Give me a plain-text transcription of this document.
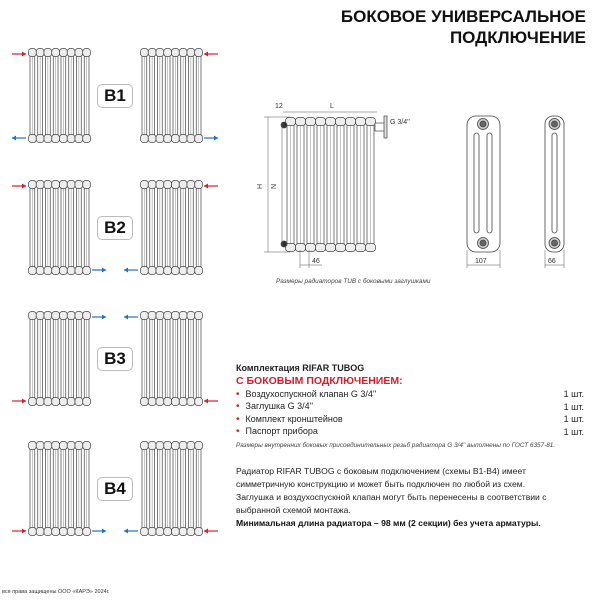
БОКОВОЕ УНИВЕРСАЛЬНОЕ
ПОДКЛЮЧЕНИЕ
B1
B2
B3
B4
12	L
G 3/4''
H N
46	107	66
Размеры радиаторов TUB с боковыми заглушками
Комплектация RIFAR TUBOG
С БОКОВЫМ ПОДКЛЮЧЕНИЕМ:
• Воздухоспускной клапан G 3/4''	1 шт.
• Заглушка G 3/4''	1 шт.
• Комплект кронштейнов	1 шт.
• Паспорт прибора	1 шт.
Размеры внутренних боковых присоединительных резьб радиатора G 3/4'' выполнены по ГОСТ 6357-81.
Радиатор RIFAR TUBOG с боковым подключением (схемы B1-B4) имеет симметричную конструкцию и может быть подключен по любой из схем.
Заглушка и воздухоспускной клапан могут быть перенесены в соответствии с выбранной схемой монтажа.
Минимальная длина радиатора – 98 мм (2 секции) без учета арматуры.
все права защищены ООО «КАРЭ» 2024г.
